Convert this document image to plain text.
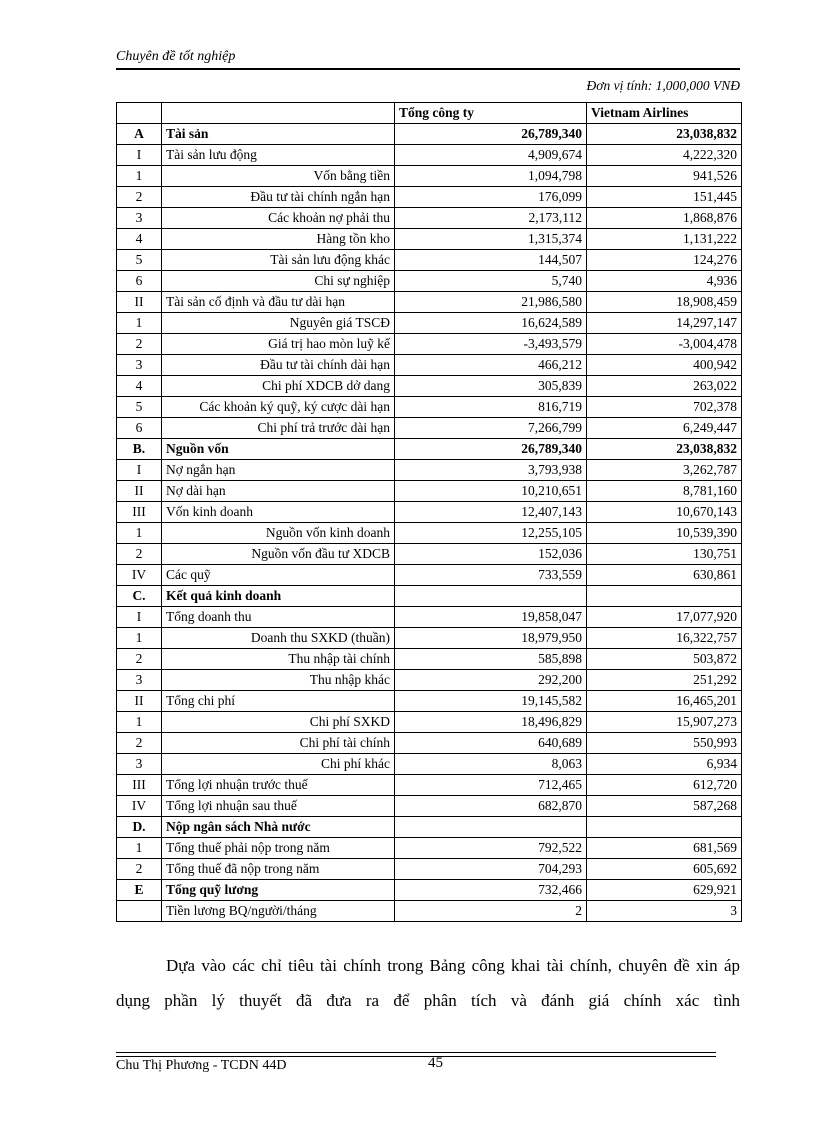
Chuyên đề tốt nghiệp
Đơn vị tính: 1,000,000 VNĐ
		Tổng công ty	Vietnam Airlines
A	Tài sản	26,789,340	23,038,832
I	Tài sản lưu động	4,909,674	4,222,320
1	Vốn bằng tiền	1,094,798	941,526
2	Đầu tư tài chính ngắn hạn	176,099	151,445
3	Các khoản nợ phải thu	2,173,112	1,868,876
4	Hàng tồn kho	1,315,374	1,131,222
5	Tài sản lưu động khác	144,507	124,276
6	Chi sự nghiệp	5,740	4,936
II	Tài sản cố định và đầu tư dài hạn	21,986,580	18,908,459
1	Nguyên giá TSCĐ	16,624,589	14,297,147
2	Giá trị hao mòn luỹ kế	-3,493,579	-3,004,478
3	Đầu tư tài chính dài hạn	466,212	400,942
4	Chi phí XDCB dở dang	305,839	263,022
5	Các khoản ký quỹ, ký cược dài hạn	816,719	702,378
6	Chi phí trả trước dài hạn	7,266,799	6,249,447
B.	Nguồn vốn	26,789,340	23,038,832
I	Nợ ngắn hạn	3,793,938	3,262,787
II	Nợ dài hạn	10,210,651	8,781,160
III	Vốn kinh doanh	12,407,143	10,670,143
1	Nguồn vốn kinh doanh	12,255,105	10,539,390
2	Nguồn vốn đầu tư XDCB	152,036	130,751
IV	Các quỹ	733,559	630,861
C.	Kết quả kinh doanh		
I	Tổng doanh thu	19,858,047	17,077,920
1	Doanh thu SXKD (thuần)	18,979,950	16,322,757
2	Thu nhập tài chính	585,898	503,872
3	Thu nhập khác	292,200	251,292
II	Tổng chi phí	19,145,582	16,465,201
1	Chi phí SXKD	18,496,829	15,907,273
2	Chi phí tài chính	640,689	550,993
3	Chi phí khác	8,063	6,934
III	Tổng lợi nhuận trước thuế	712,465	612,720
IV	Tổng lợi nhuận sau thuế	682,870	587,268
D.	Nộp ngân sách Nhà nước		
1	Tổng thuế phải nộp trong năm	792,522	681,569
2	Tổng thuế đã nộp trong năm	704,293	605,692
E	Tổng quỹ lương	732,466	629,921
	Tiền lương BQ/người/tháng	2	3

Dựa vào các chỉ tiêu tài chính trong Bảng công khai tài chính, chuyên đề xin áp dụng phần lý thuyết đã đưa ra để phân tích và đánh giá chính xác tình

Chu Thị Phương - TCDN 44D	45
